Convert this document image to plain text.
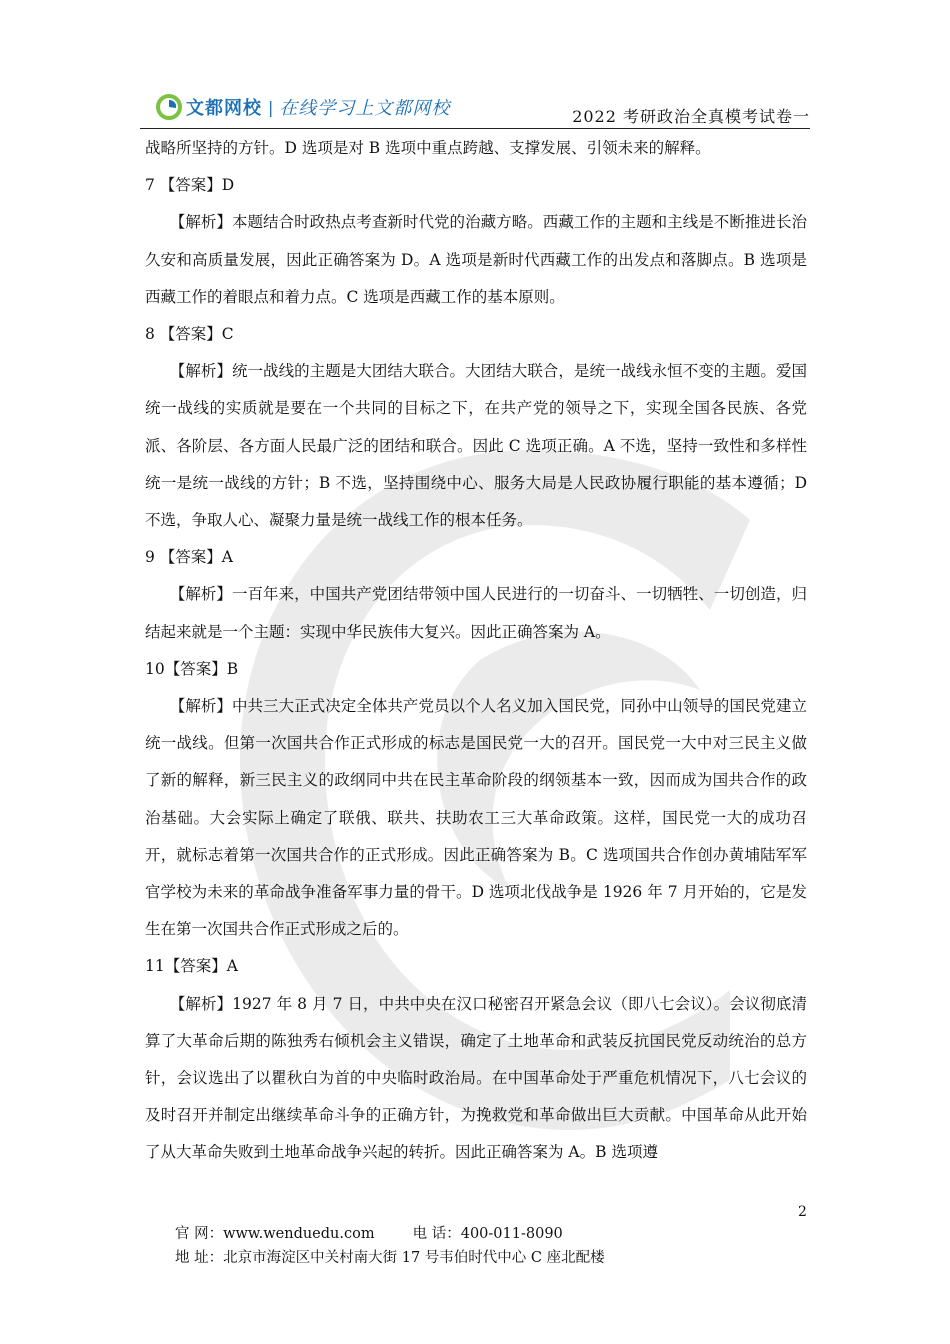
文都网校 | 在线学习上文都网校	2022 考研政治全真模考试卷一

战略所坚持的方针。D 选项是对 B 选项中重点跨越、支撑发展、引领未来的解释。

7 【答案】D

【解析】本题结合时政热点考查新时代党的治藏方略。西藏工作的主题和主线是不断推进长治久安和高质量发展，因此正确答案为 D。A 选项是新时代西藏工作的出发点和落脚点。B 选项是西藏工作的着眼点和着力点。C 选项是西藏工作的基本原则。

8 【答案】C

【解析】统一战线的主题是大团结大联合。大团结大联合，是统一战线永恒不变的主题。爱国统一战线的实质就是要在一个共同的目标之下，在共产党的领导之下，实现全国各民族、各党派、各阶层、各方面人民最广泛的团结和联合。因此 C 选项正确。A 不选，坚持一致性和多样性统一是统一战线的方针；B 不选，坚持围绕中心、服务大局是人民政协履行职能的基本遵循；D 不选，争取人心、凝聚力量是统一战线工作的根本任务。

9 【答案】A

【解析】一百年来，中国共产党团结带领中国人民进行的一切奋斗、一切牺牲、一切创造，归结起来就是一个主题：实现中华民族伟大复兴。因此正确答案为 A。

10【答案】B

【解析】中共三大正式决定全体共产党员以个人名义加入国民党，同孙中山领导的国民党建立统一战线。但第一次国共合作正式形成的标志是国民党一大的召开。国民党一大中对三民主义做了新的解释，新三民主义的政纲同中共在民主革命阶段的纲领基本一致，因而成为国共合作的政治基础。大会实际上确定了联俄、联共、扶助农工三大革命政策。这样，国民党一大的成功召开，就标志着第一次国共合作的正式形成。因此正确答案为 B。C 选项国共合作创办黄埔陆军军官学校为未来的革命战争准备军事力量的骨干。D 选项北伐战争是 1926 年 7 月开始的，它是发生在第一次国共合作正式形成之后的。

11【答案】A

【解析】1927 年 8 月 7 日，中共中央在汉口秘密召开紧急会议（即八七会议）。会议彻底清算了大革命后期的陈独秀右倾机会主义错误，确定了土地革命和武装反抗国民党反动统治的总方针，会议选出了以瞿秋白为首的中央临时政治局。在中国革命处于严重危机情况下，八七会议的及时召开并制定出继续革命斗争的正确方针，为挽救党和革命做出巨大贡献。中国革命从此开始了从大革命失败到土地革命战争兴起的转折。因此正确答案为 A。B 选项遵

2
官 网：www.wenduedu.com	电 话：400-011-8090
地 址：北京市海淀区中关村南大街 17 号韦伯时代中心 C 座北配楼
